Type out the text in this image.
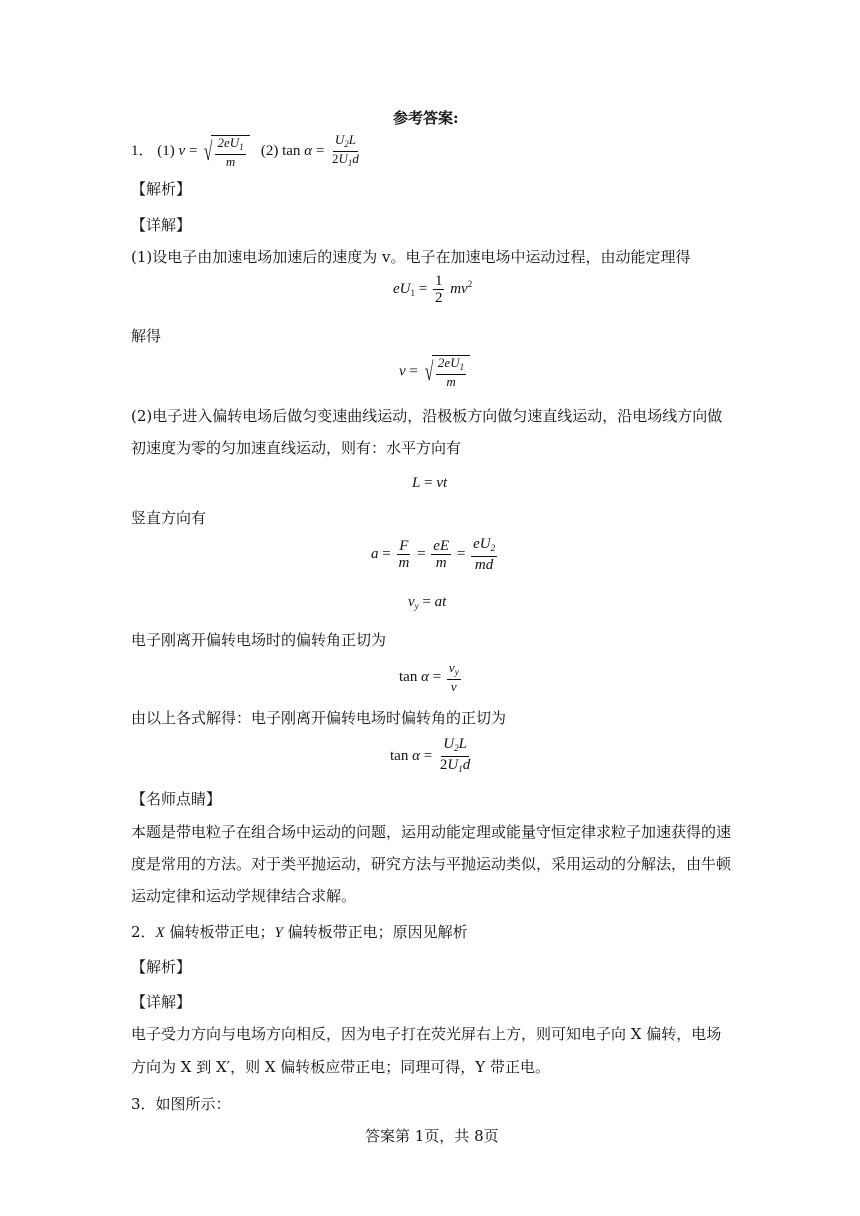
参考答案:
1． (1) v = √ $\frac{2eU_1}{m} (2)$ $\tan \alpha = \frac{U_2L}{2U_1d}$
【解析】
【详解】
(1)设电子由加速电场加速后的速度为 v。电子在加速电场中运动过程，由动能定理得
$eU_1 = \frac{1}{2} mv^2$
解得
v = √ $\frac{2eU_1}{m}$
(2)电子进入偏转电场后做匀变速曲线运动，沿极板方向做匀速直线运动，沿电场线方向做
初速度为零的匀加速直线运动，则有：水平方向有
L = vt
竖直方向有
$a = \frac{F}{m} = \frac{eE}{m} = \frac{eU_2}{md}$
$v_y$ = at
电子刚离开偏转电场时的偏转角正切为
$\tan \alpha = \frac{v_y}{v}$
由以上各式解得：电子刚离开偏转电场时偏转角的正切为
$\tan \alpha = \frac{U_2L}{2U_1d}$
【名师点睛】
本题是带电粒子在组合场中运动的问题，运用动能定理或能量守恒定律求粒子加速获得的速
度是常用的方法。对于类平抛运动，研究方法与平抛运动类似，采用运动的分解法，由牛顿
运动定律和运动学规律结合求解。
2．X 偏转板带正电；Y 偏转板带正电；原因见解析
【解析】
【详解】
电子受力方向与电场方向相反，因为电子打在荧光屏右上方，则可知电子向 X 偏转，电场
方向为 X 到 X′，则 X 偏转板应带正电；同理可得，Y 带正电。
3．如图所示：
答案第 1页，共 8页
